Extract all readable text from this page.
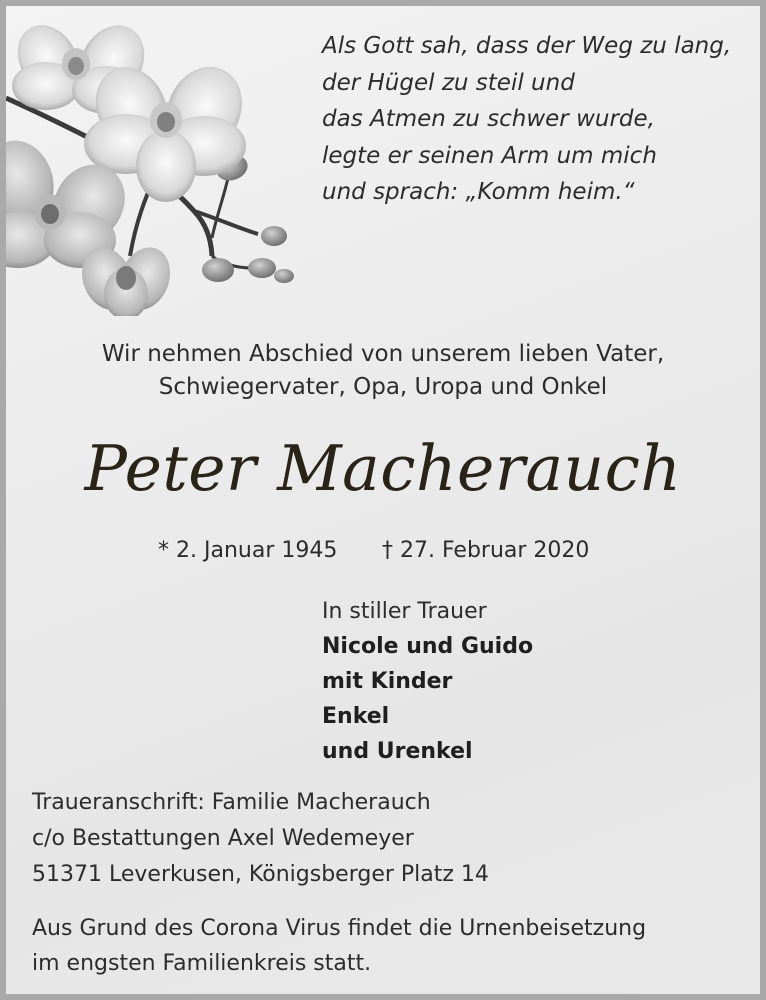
Als Gott sah, dass der Weg zu lang,
der Hügel zu steil und
das Atmen zu schwer wurde,
legte er seinen Arm um mich
und sprach: „Komm heim.“
Wir nehmen Abschied von unserem lieben Vater,
Schwiegervater, Opa, Uropa und Onkel
Peter Macherauch
* 2. Januar 1945 † 27. Februar 2020
In stiller Trauer
Nicole und Guido
mit Kinder
Enkel
und Urenkel
Traueranschrift: Familie Macherauch
c/o Bestattungen Axel Wedemeyer
51371 Leverkusen, Königsberger Platz 14
Aus Grund des Corona Virus findet die Urnenbeisetzung
im engsten Familienkreis statt.
